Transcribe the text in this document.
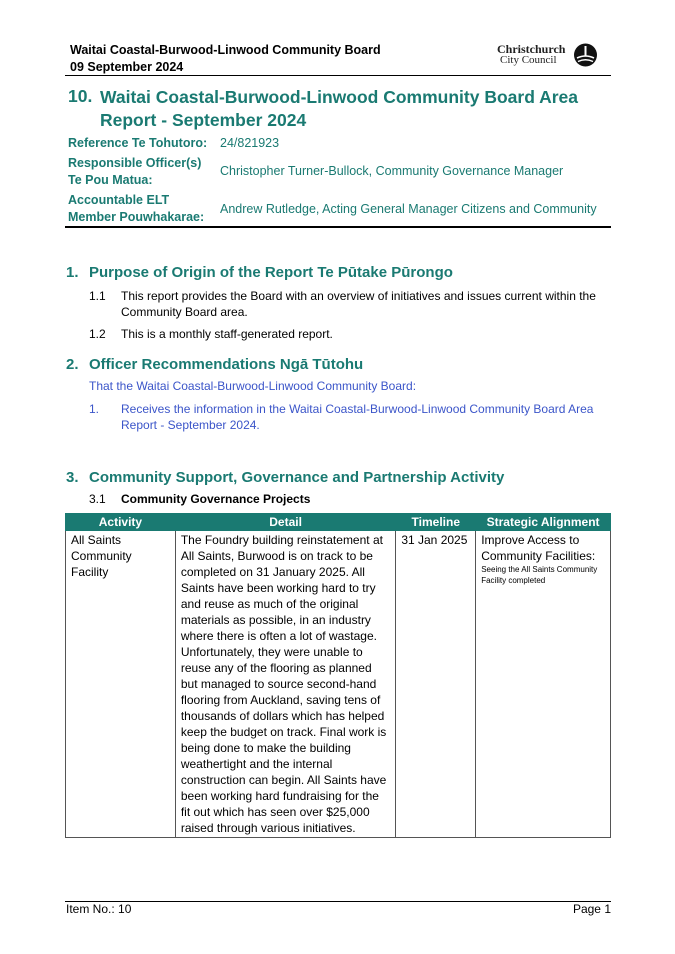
Waitai Coastal-Burwood-Linwood Community Board
09 September 2024
Christchurch
City Council
10. Waitai Coastal-Burwood-Linwood Community Board Area Report - September 2024
Reference Te Tohutoro:	24/821923
Responsible Officer(s) Te Pou Matua:
Christopher Turner-Bullock, Community Governance Manager
Accountable ELT Member Pouwhakarae:
Andrew Rutledge, Acting General Manager Citizens and Community
1. Purpose of Origin of the Report Te Pūtake Pūrongo
1.1 This report provides the Board with an overview of initiatives and issues current within the Community Board area.
1.2 This is a monthly staff-generated report.
2. Officer Recommendations Ngā Tūtohu
That the Waitai Coastal-Burwood-Linwood Community Board:
1. Receives the information in the Waitai Coastal-Burwood-Linwood Community Board Area Report - September 2024.
3. Community Support, Governance and Partnership Activity
3.1 Community Governance Projects
Activity	Detail	Timeline	Strategic Alignment
All Saints Community Facility	The Foundry building reinstatement at All Saints, Burwood is on track to be completed on 31 January 2025. All Saints have been working hard to try and reuse as much of the original materials as possible, in an industry where there is often a lot of wastage. Unfortunately, they were unable to reuse any of the flooring as planned but managed to source second-hand flooring from Auckland, saving tens of thousands of dollars which has helped keep the budget on track. Final work is being done to make the building weathertight and the internal construction can begin. All Saints have been working hard fundraising for the fit out which has seen over $25,000 raised through various initiatives.	31 Jan 2025	Improve Access to Community Facilities:
Seeing the All Saints Community Facility completed
Item No.: 10	Page 1
